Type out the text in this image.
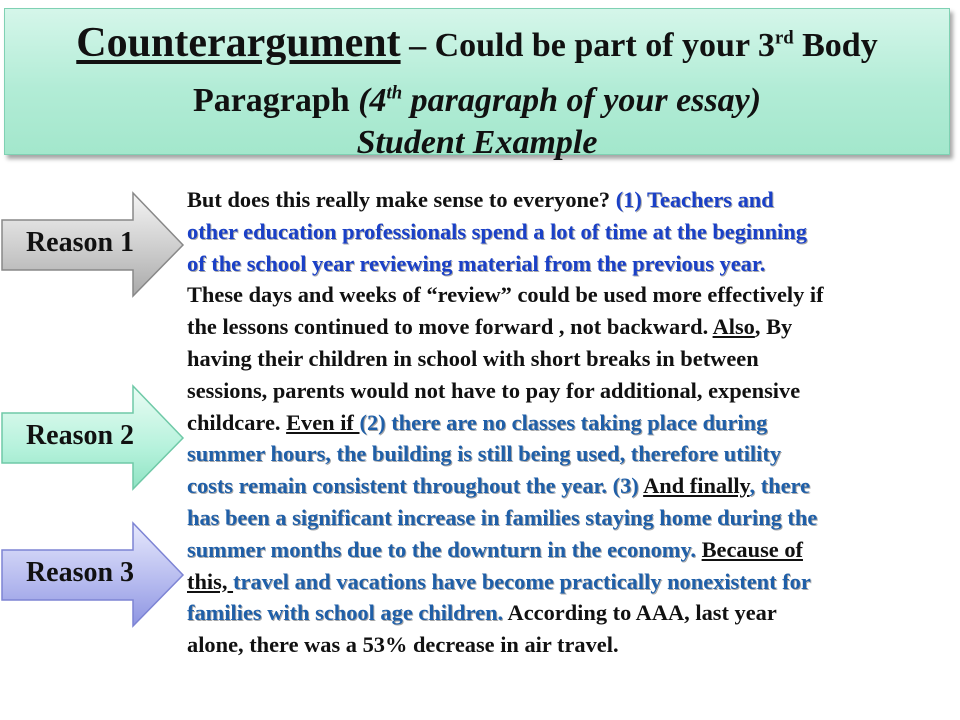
Counterargument – Could be part of your 3rd Body
Paragraph (4th paragraph of your essay)
Student Example
Reason 1
Reason 2
Reason 3
But does this really make sense to everyone? (1) Teachers and
other education professionals spend a lot of time at the beginning
of the school year reviewing material from the previous year.
These days and weeks of “review” could be used more effectively if
the lessons continued to move forward , not backward. Also, By
having their children in school with short breaks in between
sessions, parents would not have to pay for additional, expensive
childcare. Even if (2) there are no classes taking place during
summer hours, the building is still being used, therefore utility
costs remain consistent throughout the year. (3) And finally, there
has been a significant increase in families staying home during the
summer months due to the downturn in the economy. Because of
this, travel and vacations have become practically nonexistent for
families with school age children. According to AAA, last year
alone, there was a 53% decrease in air travel.
